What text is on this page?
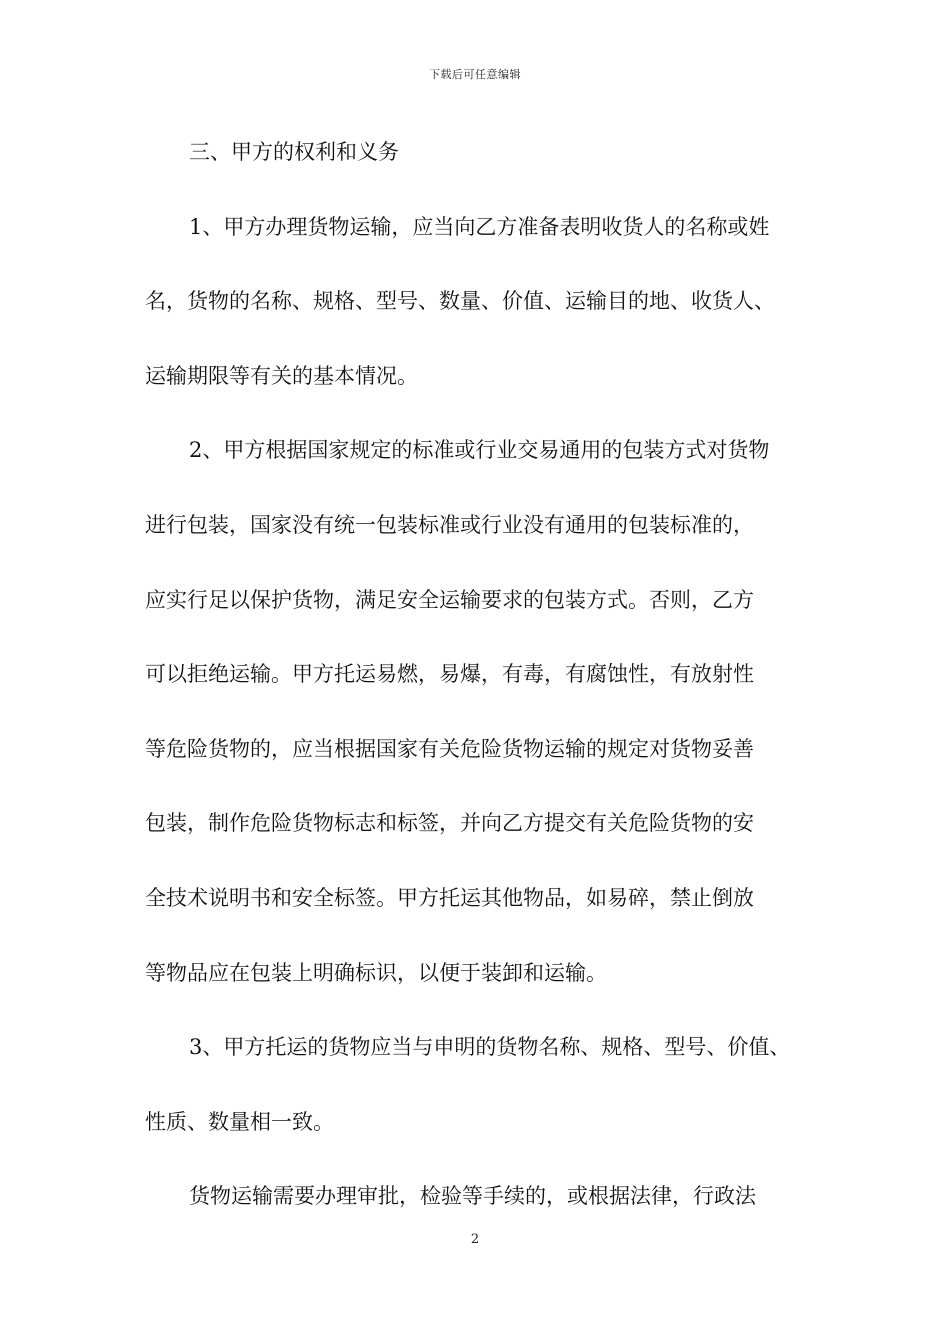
下载后可任意编辑
三、甲方的权利和义务
1、甲方办理货物运输，应当向乙方准备表明收货人的名称或姓
名，货物的名称、规格、型号、数量、价值、运输目的地、收货人、
运输期限等有关的基本情况。
2、甲方根据国家规定的标准或行业交易通用的包装方式对货物
进行包装，国家没有统一包装标准或行业没有通用的包装标准的，
应实行足以保护货物，满足安全运输要求的包装方式。否则，乙方
可以拒绝运输。甲方托运易燃，易爆，有毒，有腐蚀性，有放射性
等危险货物的，应当根据国家有关危险货物运输的规定对货物妥善
包装，制作危险货物标志和标签，并向乙方提交有关危险货物的安
全技术说明书和安全标签。甲方托运其他物品，如易碎，禁止倒放
等物品应在包装上明确标识，以便于装卸和运输。
3、甲方托运的货物应当与申明的货物名称、规格、型号、价值、
性质、数量相一致。
货物运输需要办理审批，检验等手续的，或根据法律，行政法
2
